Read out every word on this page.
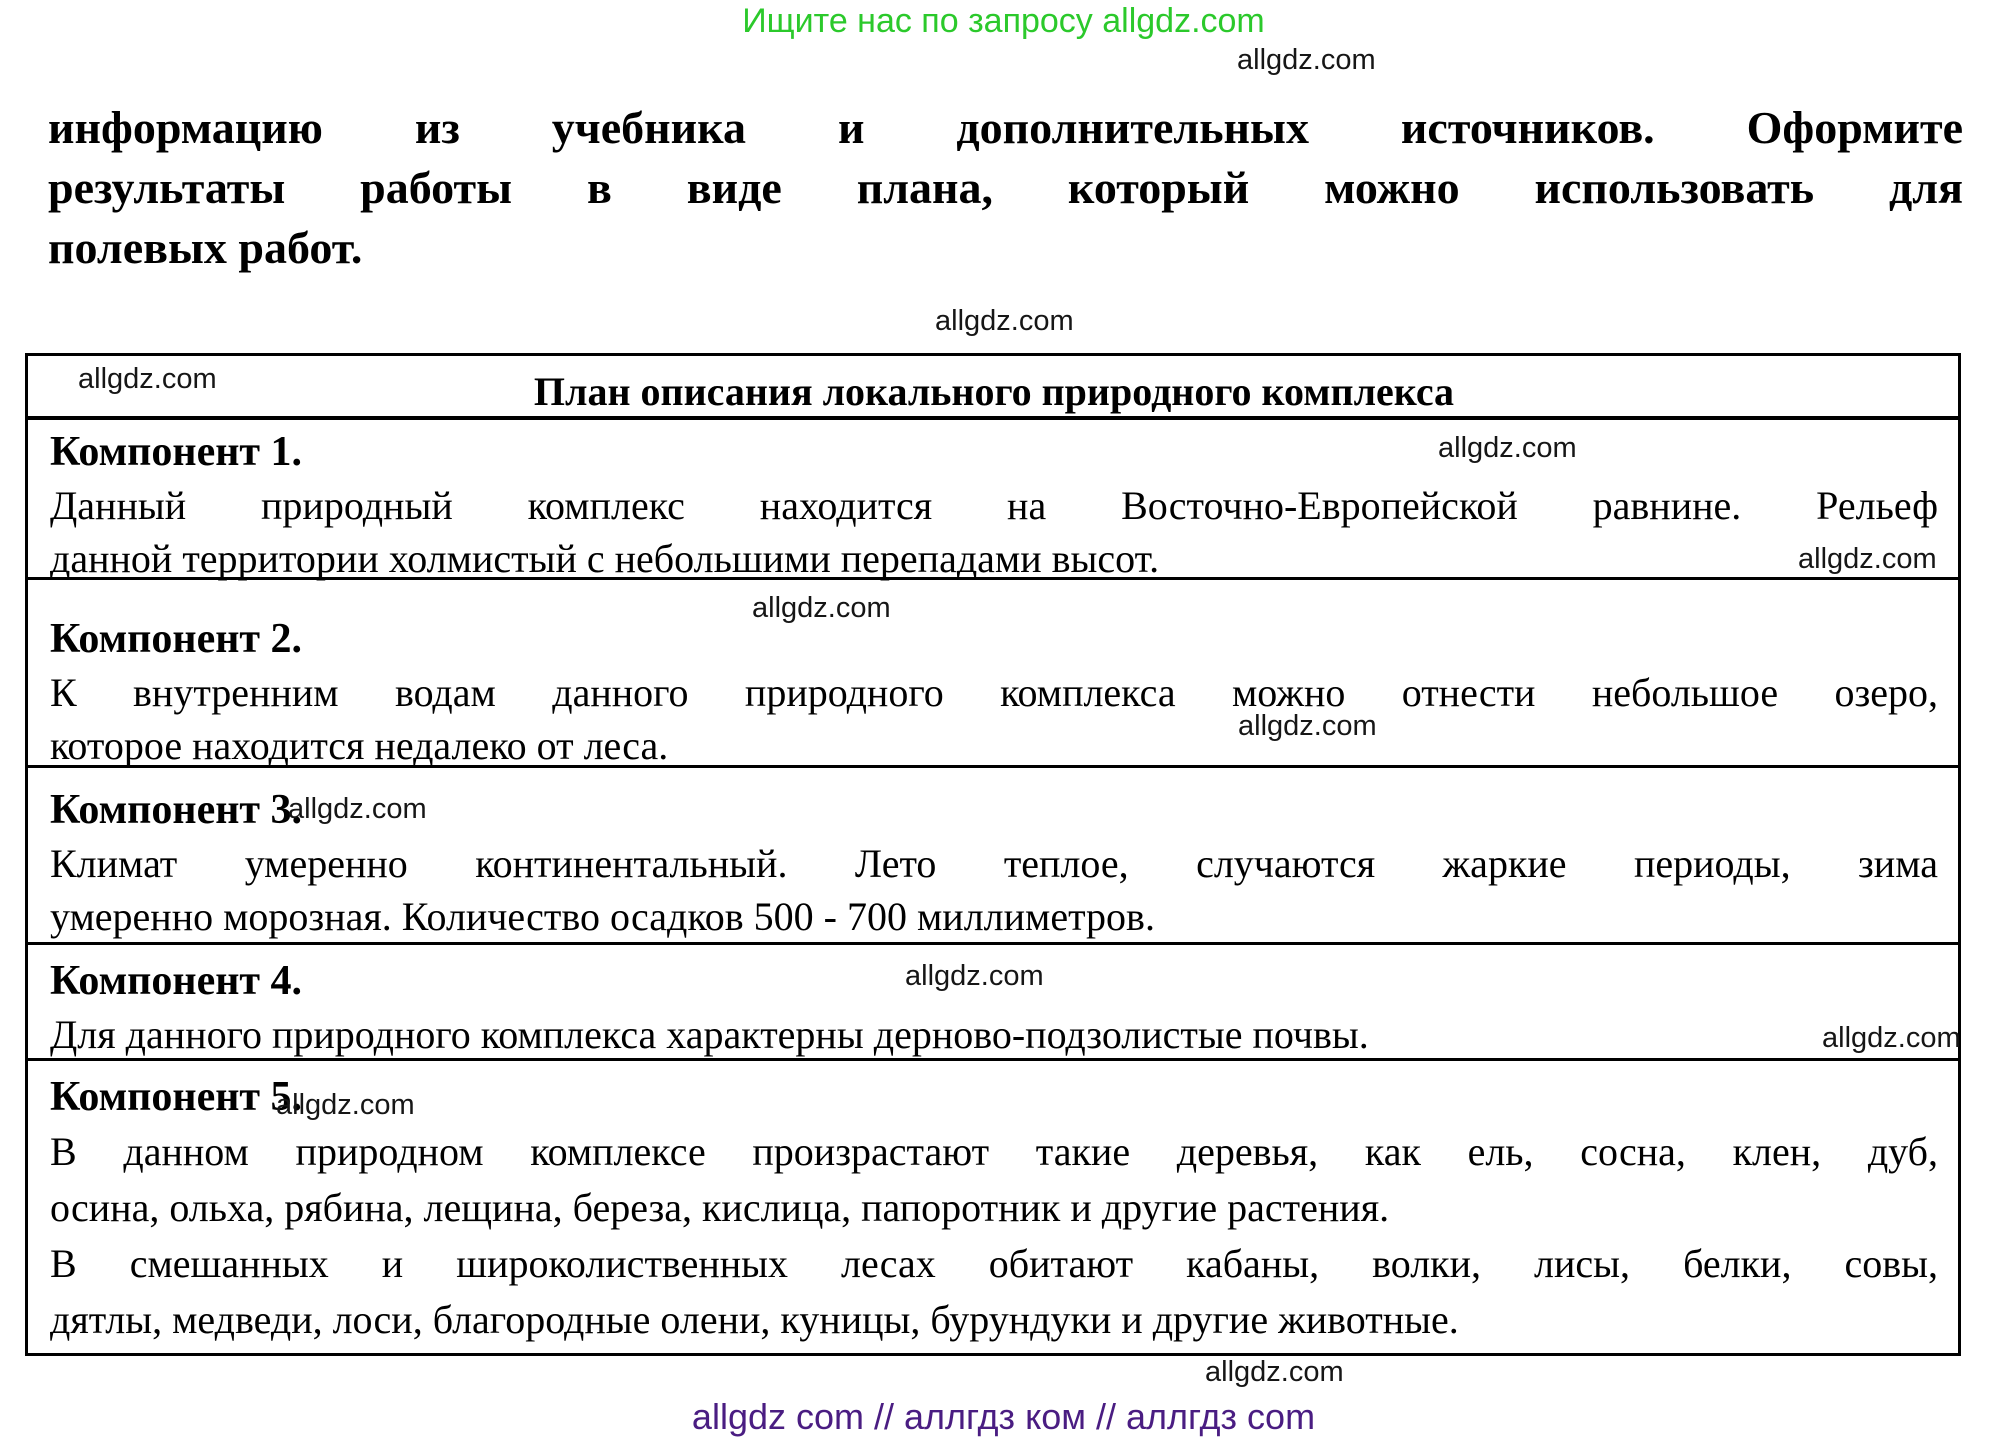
Ищите нас по запросу allgdz.com
allgdz.com
информацию из учебника и дополнительных источников. Оформите
результаты работы в виде плана, который можно использовать для
полевых работ.
allgdz.com
План описания локального природного комплекса
Компонент 1.
Данный природный комплекс находится на Восточно-Европейской равнине. Рельеф
данной территории холмистый с небольшими перепадами высот.
Компонент 2.
К внутренним водам данного природного комплекса можно отнести небольшое озеро,
которое находится недалеко от леса.
Компонент 3.
Климат умеренно континентальный. Лето теплое, случаются жаркие периоды, зима
умеренно морозная. Количество осадков 500 - 700 миллиметров.
Компонент 4.
Для данного природного комплекса характерны дерново-подзолистые почвы.
Компонент 5.
В данном природном комплексе произрастают такие деревья, как ель, сосна, клен, дуб,
осина, ольха, рябина, лещина, береза, кислица, папоротник и другие растения.
В смешанных и широколиственных лесах обитают кабаны, волки, лисы, белки, совы,
дятлы, медведи, лоси, благородные олени, куницы, бурундуки и другие животные.
allgdz.com
allgdz.com
allgdz.com
allgdz.com
allgdz.com
allgdz.com
allgdz.com
allgdz.com
allgdz.com
allgdz.com
allgdz com // аллгдз ком // аллгдз com
